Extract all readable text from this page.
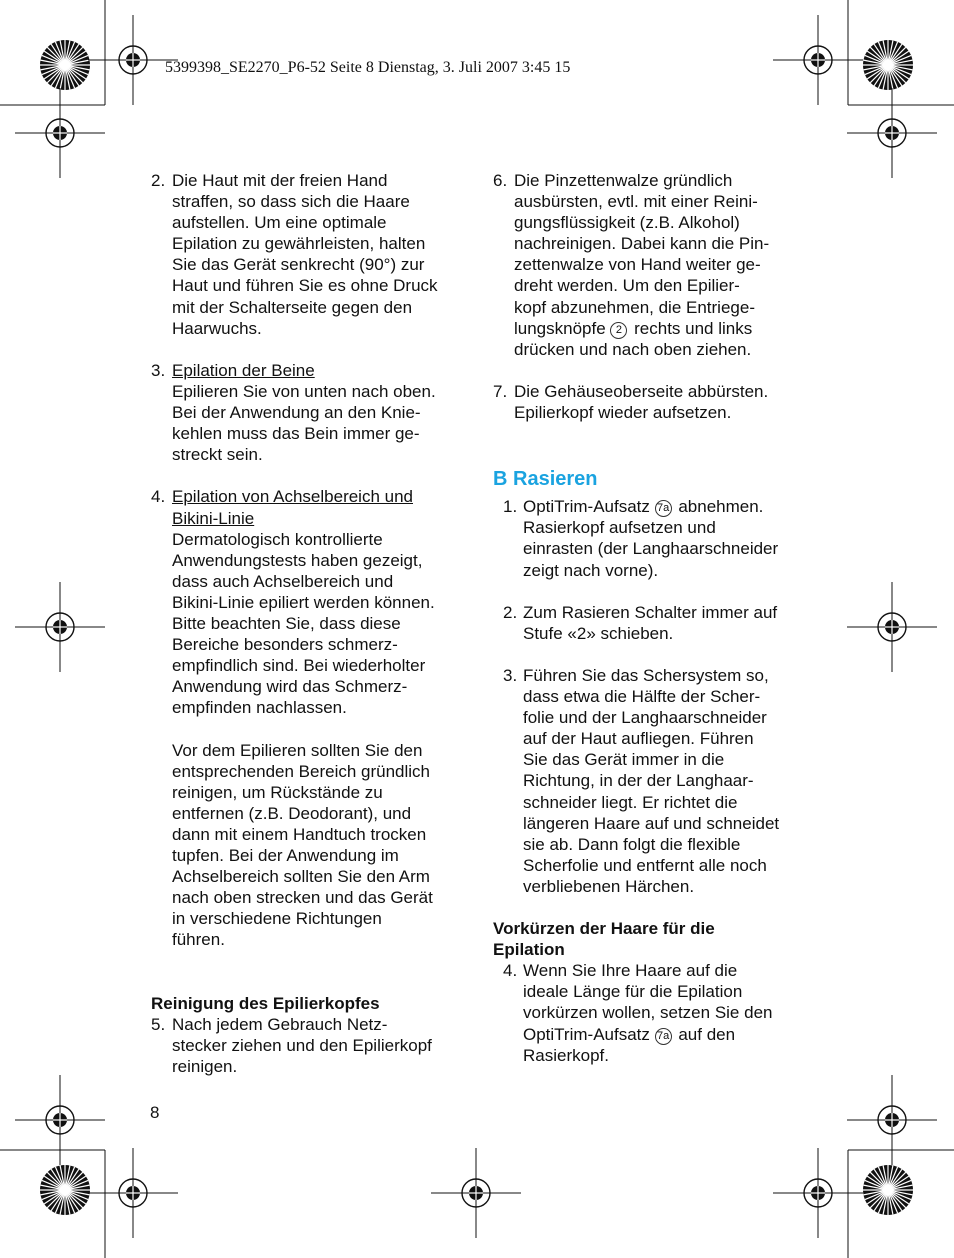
5399398_SE2270_P6-52 Seite 8 Dienstag, 3. Juli 2007 3:45 15
2. Die Haut mit der freien Hand
straffen, so dass sich die Haare
aufstellen. Um eine optimale
Epilation zu gewährleisten, halten
Sie das Gerät senkrecht (90°) zur
Haut und führen Sie es ohne Druck
mit der Schalterseite gegen den
Haarwuchs.
3. Epilation der Beine
Epilieren Sie von unten nach oben.
Bei der Anwendung an den Knie-
kehlen muss das Bein immer ge-
streckt sein.
4. Epilation von Achselbereich und
Bikini-Linie
Dermatologisch kontrollierte
Anwendungstests haben gezeigt,
dass auch Achselbereich und
Bikini-Linie epiliert werden können.
Bitte beachten Sie, dass diese
Bereiche besonders schmerz-
empfindlich sind. Bei wiederholter
Anwendung wird das Schmerz-
empfinden nachlassen.
Vor dem Epilieren sollten Sie den
entsprechenden Bereich gründlich
reinigen, um Rückstände zu
entfernen (z.B. Deodorant), und
dann mit einem Handtuch trocken
tupfen. Bei der Anwendung im
Achselbereich sollten Sie den Arm
nach oben strecken und das Gerät
in verschiedene Richtungen
führen.
Reinigung des Epilierkopfes
5. Nach jedem Gebrauch Netz-
stecker ziehen und den Epilierkopf
reinigen.
6. Die Pinzettenwalze gründlich
ausbürsten, evtl. mit einer Reini-
gungsflüssigkeit (z.B. Alkohol)
nachreinigen. Dabei kann die Pin-
zettenwalze von Hand weiter ge-
dreht werden. Um den Epilier-
kopf abzunehmen, die Entriege-
lungsknöpfe 2 rechts und links
drücken und nach oben ziehen.
7. Die Gehäuseoberseite abbürsten.
Epilierkopf wieder aufsetzen.
B Rasieren
1. OptiTrim-Aufsatz 7a abnehmen.
Rasierkopf aufsetzen und
einrasten (der Langhaarschneider
zeigt nach vorne).
2. Zum Rasieren Schalter immer auf
Stufe «2» schieben.
3. Führen Sie das Schersystem so,
dass etwa die Hälfte der Scher-
folie und der Langhaarschneider
auf der Haut aufliegen. Führen
Sie das Gerät immer in die
Richtung, in der der Langhaar-
schneider liegt. Er richtet die
längeren Haare auf und schneidet
sie ab. Dann folgt die flexible
Scherfolie und entfernt alle noch
verbliebenen Härchen.
Vorkürzen der Haare für die
Epilation
4. Wenn Sie Ihre Haare auf die
ideale Länge für die Epilation
vorkürzen wollen, setzen Sie den
OptiTrim-Aufsatz 7a auf den
Rasierkopf.
8
